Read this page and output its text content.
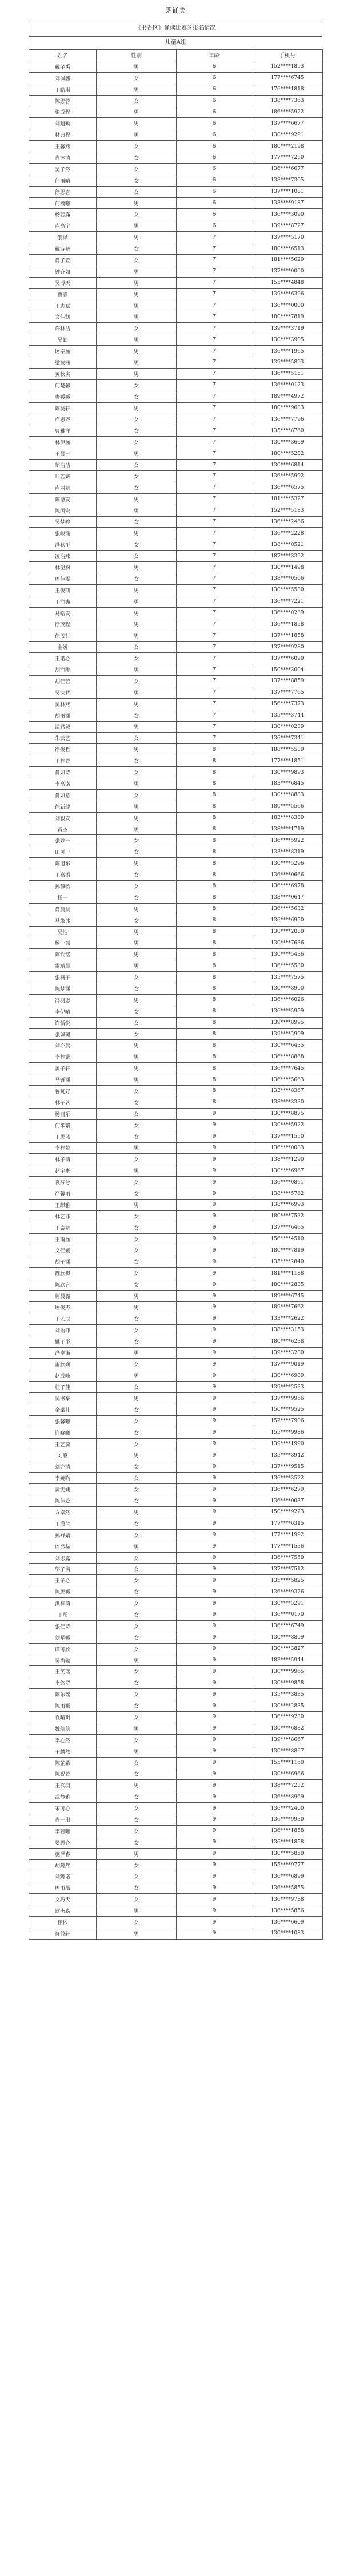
朗诵类
《书香区》诵读比赛的报名情况
儿童A组
姓名	性别	年龄	手机号
戴芊禹	男	6	152****1893
刘佩鑫	女	6	177****6745
丁皓琪	男	6	176****1818
陈思蓉	女	6	138****7363
张成程	男	6	186****5922
刘超勤	男	6	137****6677
林典程	男	6	130****9291
王馨燕	女	6	180****2198
肖沐清	女	6	177****7260
吴子然	女	6	136****6677
何雨晴	女	6	138****7305
徐思言	女	6	137****1081
何榆曦	男	6	138****9187
杨若露	女	6	136****3090
卢高宁	男	6	139****8727
黎泽	男	7	137****5170
戴诗妍	女	7	180****6513
肖子萱	女	7	181****5629
钟齐如	男	7	137****0000
吴博天	男	7	155****4848
曹睿	男	7	139****6396
王志斌	男	7	136****0000
文佳凯	男	7	180****7819
许林洁	女	7	139****3719
吴勤	男	7	130****3905
屠泰涵	男	7	136****1965
梁振洲	男	7	139****5893
黄秋实	男	7	136****5151
何楚馨	女	7	136****0123
贵媛媛	女	7	189****4972
陈昊轩	男	7	180****9683
卢思齐	女	7	136****7796
曹雅洋	女	7	135****8760
林伊涵	女	7	130****3669
王晨一	男	7	180****5202
邹浩洁	女	7	130****6814
叶若妍	女	7	136****5992
卢丽妍	女	7	136****6575
陈德安	男	7	181****5327
陈国宏	男	7	152****5183
吴梦婷	女	7	136****2466
张峻瑜	男	7	136****2228
冯秋平	女	7	138****0521
凌浩燕	女	7	187****3392
林望枫	男	7	130****1498
周佳雯	女	7	138****0506
王俊凯	男	7	130****5580
王润鑫	男	7	136****7221
马皓安	男	7	136****0239
徐茂程	男	7	136****1858
徐茂行	男	7	137****1858
金媛	女	7	137****9280
王诺心	女	7	137****6090
胡润陇	男	7	150****3004
胡佳若	女	7	137****8859
吴沫辉	男	7	137****7765
吴林熙	男	7	156****7373
胡雨涵	女	7	135****3744
温君毅	男	7	130****0289
朱云艺	女	7	136****7341
徐俊哲	男	8	188****5589
王梓萱	女	8	177****1851
肖如诗	女	8	130****9893
李高诺	男	8	183****6845
肖如意	女	8	130****8883
徐新健	男	8	180****5566
刘毅安	男	8	183****8389
肖杰	男	8	138****1719
张妙一	女	8	136****5922
田可一	女	8	133****8319
陈旭东	男	8	130****5296
王嘉语	女	8	136****0666
孙静怡	女	8	136****6978
杨一	女	8	133****0647
肖晨航	男	8	136****5632
马缘冰	女	8	136****6950
吴浩	男	8	130****2080
杨一城	男	8	130****7636
陈钦铭	男	8	130****5436
雷靖晨	男	8	136****5530
张楠子	女	8	135****7575
陈梦涵	女	8	130****8900
冯羽恩	男	8	136****6026
李伊晴	女	8	136****5959
许恬悦	女	8	139****8995
张珮璐	女	8	139****2999
刘亦晨	男	8	130****6435
李梓繁	男	8	136****8868
黄子轩	男	8	136****7645
马铄涵	男	8	136****5663
鲁芃好	女	8	133****8367
林子茗	女	8	138****3330
杨羽乐	女	9	130****8875
何米繁	女	9	130****5922
王思蓝	女	9	137****1550
李梓赞	男	9	136****0083
林子萌	女	9	138****1290
赵宇彬	男	9	130****6967
袁芬兮	女	9	136****0861
严馨雨	女	9	138****5762
王麒雅	男	9	138****6993
林艺菲	女	9	180****7532
王泰妍	女	9	137****6465
王雨涵	女	9	156****4510
文佳媛	女	9	180****7819
胡子涵	女	9	135****2840
魏欣祺	女	9	181****1188
陈欣言	女	9	180****2835
柯晨潞	男	9	189****6745
屠俊杰	男	9	189****7662
王乙辰	女	9	133****2622
刘语菲	女	9	138****3153
姚子彤	女	9	180****6238
冯卓谦	男	9	139****3280
雷欣娴	女	9	137****9019
赵成峰	男	9	130****6909
桂子佳	女	9	139****2533
吴书豪	男	9	137****9966
金梁儿	女	9	150****9525
张馨曦	女	9	152****7906
许晓曦	女	9	155****9986
王艺蕊	女	9	139****1990
刘睿	男	9	135****8942
刘亦清	女	9	137****9515
李婉昀	女	9	136****3522
黄雯婕	女	9	136****6279
陈佳蕊	女	9	136****0037
方卓然	男	9	150****9223
王潇兰	女	9	177****6315
孙舒婧	女	9	177****1992
周显赫	男	9	177****1536
刘思露	女	9	136****7550
邬子漪	女	9	137****7512
王子心	女	9	135****5825
陈思媛	女	9	136****9326
洪梓萌	女	9	130****5291
王彤	女	9	136****0170
张佳诗	女	9	136****6749
刘星媛	女	9	130****8809
谭可欣	女	9	130****3827
吴尚勋	男	9	183****5944
王笑瑶	女	9	130****9965
李悠罗	女	9	130****9858
陈乐瑶	女	9	135****3835
陈雨嫣	女	9	130****2835
袁晴玥	女	9	136****9230
魏航航	男	9	130****6882
李心然	女	9	139****8667
王麟然	男	9	130****8867
陈芷希	女	9	155****1160
陈祝萱	女	9	130****6966
王玄羽	男	9	138****7252
武静雅	女	9	136****8969
宋可心	女	9	136****2400
肖一琪	女	9	136****9930
李若曦	女	9	136****1858
晏思齐	女	9	136****1858
施泽睿	男	9	130****5850
胡懿然	女	9	155****9777
刘懿诺	女	9	136****6899
周雨薇	女	9	136****5855
文巧天	女	9	136****9788
欧杰淼	男	9	136****5856
佳依	女	9	136****6609
符益轩	男	9	130****1083
